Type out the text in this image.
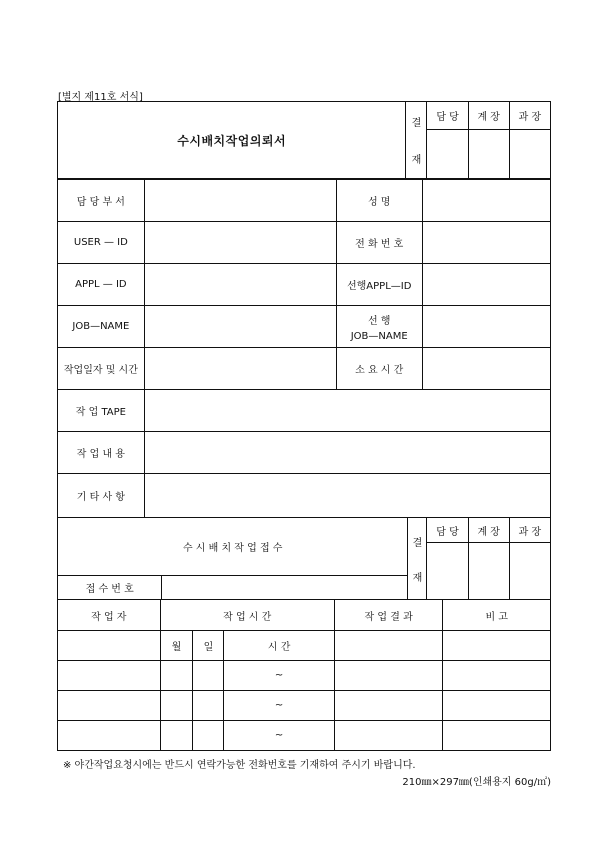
[별지 제11호 서식]
수시배치작업의뢰서	결
재	담 당	계 장	과 장

담 당 부 서		성 명	
USER — ID		전 화 번 호	
APPL — ID		선행APPL—ID	
JOB—NAME		선 행
JOB—NAME	

작업일자 및 시간		소 요 시 간	
작 업 TAPE			
작 업 내 용			
기 타 사 항			
수 시 배 치 작 업 접 수		결
재	담 당	계 장	과 장

접 수 번 호					
작 업 자	작 업 시 간			작 업 결 과	비 고
	월	일	시 간		
			~		
			~		
			~		
※ 야간작업요청시에는 반드시 연락가능한 전화번호를 기재하여 주시기 바랍니다.
210㎜×297㎜(인쇄용지 60g/㎡)
